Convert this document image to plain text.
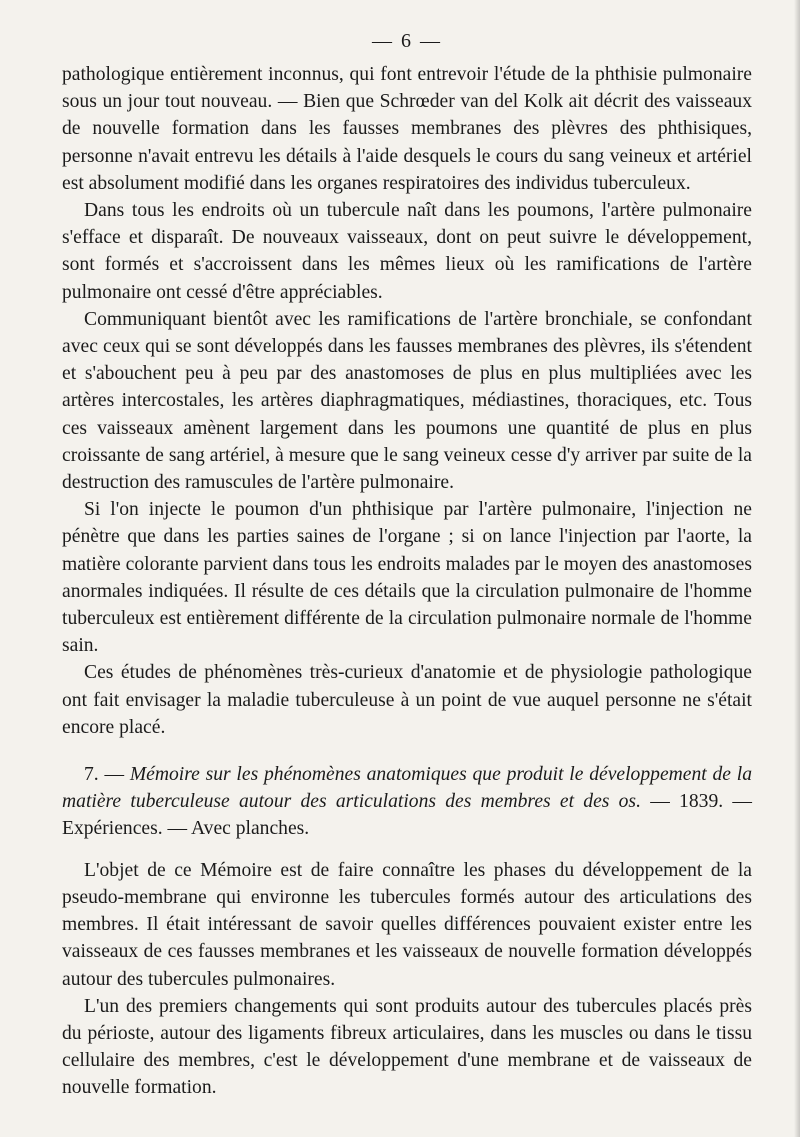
— 6 —

pathologique entièrement inconnus, qui font entrevoir l'étude de la phthisie pulmonaire sous un jour tout nouveau. — Bien que Schrœder van del Kolk ait décrit des vaisseaux de nouvelle formation dans les fausses membranes des plèvres des phthisiques, personne n'avait entrevu les détails à l'aide desquels le cours du sang veineux et artériel est absolument modifié dans les organes respiratoires des individus tuberculeux.

Dans tous les endroits où un tubercule naît dans les poumons, l'artère pulmonaire s'efface et disparaît. De nouveaux vaisseaux, dont on peut suivre le développement, sont formés et s'accroissent dans les mêmes lieux où les ramifications de l'artère pulmonaire ont cessé d'être appréciables.

Communiquant bientôt avec les ramifications de l'artère bronchiale, se confondant avec ceux qui se sont développés dans les fausses membranes des plèvres, ils s'étendent et s'abouchent peu à peu par des anastomoses de plus en plus multipliées avec les artères intercostales, les artères diaphragmatiques, médiastines, thoraciques, etc. Tous ces vaisseaux amènent largement dans les poumons une quantité de plus en plus croissante de sang artériel, à mesure que le sang veineux cesse d'y arriver par suite de la destruction des ramuscules de l'artère pulmonaire.

Si l'on injecte le poumon d'un phthisique par l'artère pulmonaire, l'injection ne pénètre que dans les parties saines de l'organe ; si on lance l'injection par l'aorte, la matière colorante parvient dans tous les endroits malades par le moyen des anastomoses anormales indiquées. Il résulte de ces détails que la circulation pulmonaire de l'homme tuberculeux est entièrement différente de la circulation pulmonaire normale de l'homme sain.

Ces études de phénomènes très-curieux d'anatomie et de physiologie pathologique ont fait envisager la maladie tuberculeuse à un point de vue auquel personne ne s'était encore placé.

7. — Mémoire sur les phénomènes anatomiques que produit le développement de la matière tuberculeuse autour des articulations des membres et des os. — 1839. — Expériences. — Avec planches.

L'objet de ce Mémoire est de faire connaître les phases du développement de la pseudo-membrane qui environne les tubercules formés autour des articulations des membres. Il était intéressant de savoir quelles différences pouvaient exister entre les vaisseaux de ces fausses membranes et les vaisseaux de nouvelle formation développés autour des tubercules pulmonaires.

L'un des premiers changements qui sont produits autour des tubercules placés près du périoste, autour des ligaments fibreux articulaires, dans les muscles ou dans le tissu cellulaire des membres, c'est le développement d'une membrane et de vaisseaux de nouvelle formation.
